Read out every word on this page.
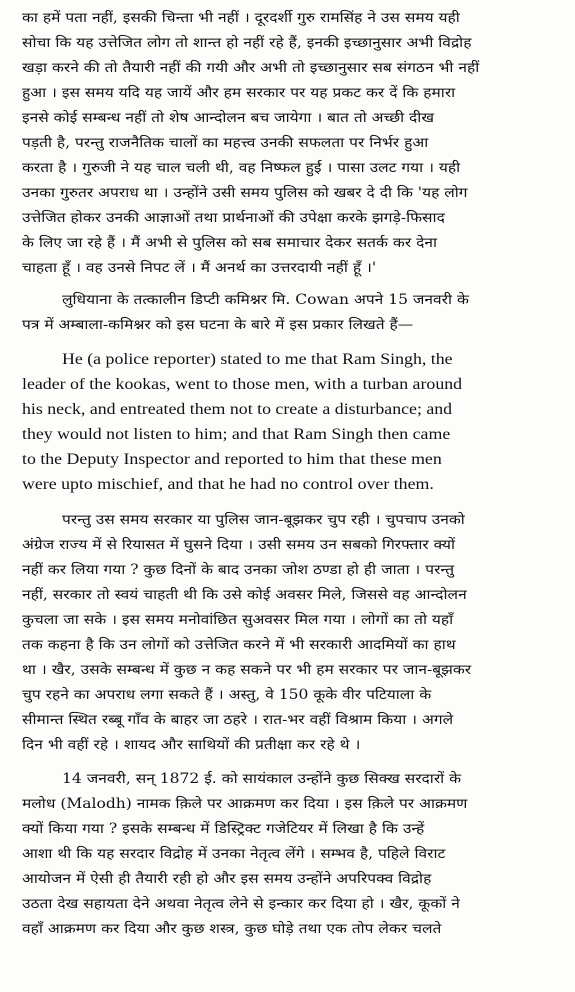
का हमें पता नहीं, इसकी चिन्ता भी नहीं । दूरदर्शी गुरु रामसिंह ने उस समय यही
सोचा कि यह उत्तेजित लोग तो शान्त हो नहीं रहे हैं, इनकी इच्छानुसार अभी विद्रोह
खड़ा करने की तो तैयारी नहीं की गयी और अभी तो इच्छानुसार सब संगठन भी नहीं
हुआ । इस समय यदि यह जायें और हम सरकार पर यह प्रकट कर दें कि हमारा
इनसे कोई सम्बन्ध नहीं तो शेष आन्दोलन बच जायेगा । बात तो अच्छी दीख
पड़ती है, परन्तु राजनैतिक चालों का महत्त्व उनकी सफलता पर निर्भर हुआ
करता है । गुरुजी ने यह चाल चली थी, वह निष्फल हुई । पासा उलट गया । यही
उनका गुरुतर अपराध था । उन्होंने उसी समय पुलिस को खबर दे दी कि 'यह लोग
उत्तेजित होकर उनकी आज्ञाओं तथा प्रार्थनाओं की उपेक्षा करके झगड़े-फिसाद
के लिए जा रहे हैं । मैं अभी से पुलिस को सब समाचार देकर सतर्क कर देना
चाहता हूँ । वह उनसे निपट लें । मैं अनर्थ का उत्तरदायी नहीं हूँ ।'
लुधियाना के तत्कालीन डिप्टी कमिश्नर मि. Cowan अपने 15 जनवरी के
पत्र में अम्बाला-कमिश्नर को इस घटना के बारे में इस प्रकार लिखते हैं—
He (a police reporter) stated to me that Ram Singh, the
leader of the kookas, went to those men, with a turban around
his neck, and entreated them not to create a disturbance; and
they would not listen to him; and that Ram Singh then came
to the Deputy Inspector and reported to him that these men
were upto mischief, and that he had no control over them.
परन्तु उस समय सरकार या पुलिस जान-बूझकर चुप रही । चुपचाप उनको
अंग्रेज राज्य में से रियासत में घुसने दिया । उसी समय उन सबको गिरफ्तार क्यों
नहीं कर लिया गया ? कुछ दिनों के बाद उनका जोश ठण्डा हो ही जाता । परन्तु
नहीं, सरकार तो स्वयं चाहती थी कि उसे कोई अवसर मिले, जिससे वह आन्दोलन
कुचला जा सके । इस समय मनोवांछित सुअवसर मिल गया । लोगों का तो यहाँ
तक कहना है कि उन लोगों को उत्तेजित करने में भी सरकारी आदमियों का हाथ
था । खैर, उसके सम्बन्ध में कुछ न कह सकने पर भी हम सरकार पर जान-बूझकर
चुप रहने का अपराध लगा सकते हैं । अस्तु, वे 150 कूके वीर पटियाला के
सीमान्त स्थित रब्बू गाँव के बाहर जा ठहरे । रात-भर वहीं विश्राम किया । अगले
दिन भी वहीं रहे । शायद और साथियों की प्रतीक्षा कर रहे थे ।
14 जनवरी, सन् 1872 ई. को सायंकाल उन्होंने कुछ सिक्ख सरदारों के
मलोध (Malodh) नामक क़िले पर आक्रमण कर दिया । इस क़िले पर आक्रमण
क्यों किया गया ? इसके सम्बन्ध में डिस्ट्रिक्ट गजेटियर में लिखा है कि उन्हें
आशा थी कि यह सरदार विद्रोह में उनका नेतृत्व लेंगे । सम्भव है, पहिले विराट
आयोजन में ऐसी ही तैयारी रही हो और इस समय उन्होंने अपरिपक्व विद्रोह
उठता देख सहायता देने अथवा नेतृत्व लेने से इन्कार कर दिया हो । खैर, कूकों ने
वहाँ आक्रमण कर दिया और कुछ शस्त्र, कुछ घोड़े तथा एक तोप लेकर चलते
